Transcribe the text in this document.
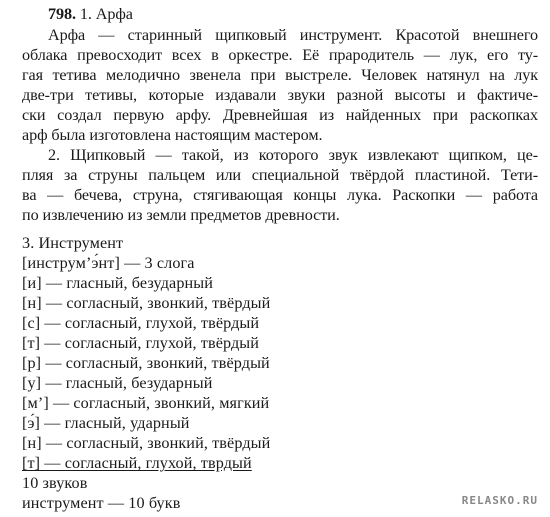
798. 1. Арфа
Арфа — старинный щипковый инструмент. Красотой внешнего
облака превосходит всех в оркестре. Её прародитель — лук, его ту-
гая тетива мелодично звенела при выстреле. Человек натянул на лук
две-три тетивы, которые издавали звуки разной высоты и фактиче-
ски создал первую арфу. Древнейшая из найденных при раскопках
арф была изготовлена настоящим мастером.
2. Щипковый — такой, из которого звук извлекают щипком, це-
пляя за струны пальцем или специальной твёрдой пластиной. Тети-
ва — бечева, струна, стягивающая концы лука. Раскопки — работа
по извлечению из земли предметов древности.
3. Инструмент
[инструм’э́нт] — 3 слога
[и] — гласный, безударный
[н] — согласный, звонкий, твёрдый
[с] — согласный, глухой, твёрдый
[т] — согласный, глухой, твёрдый
[р] — согласный, звонкий, твёрдый
[у] — гласный, безударный
[м’] — согласный, звонкий, мягкий
[э́] — гласный, ударный
[н] — согласный, звонкий, твёрдый
[т] — согласный, глухой, тврдый
10 звуков
инструмент — 10 букв	RELASKO.RU
